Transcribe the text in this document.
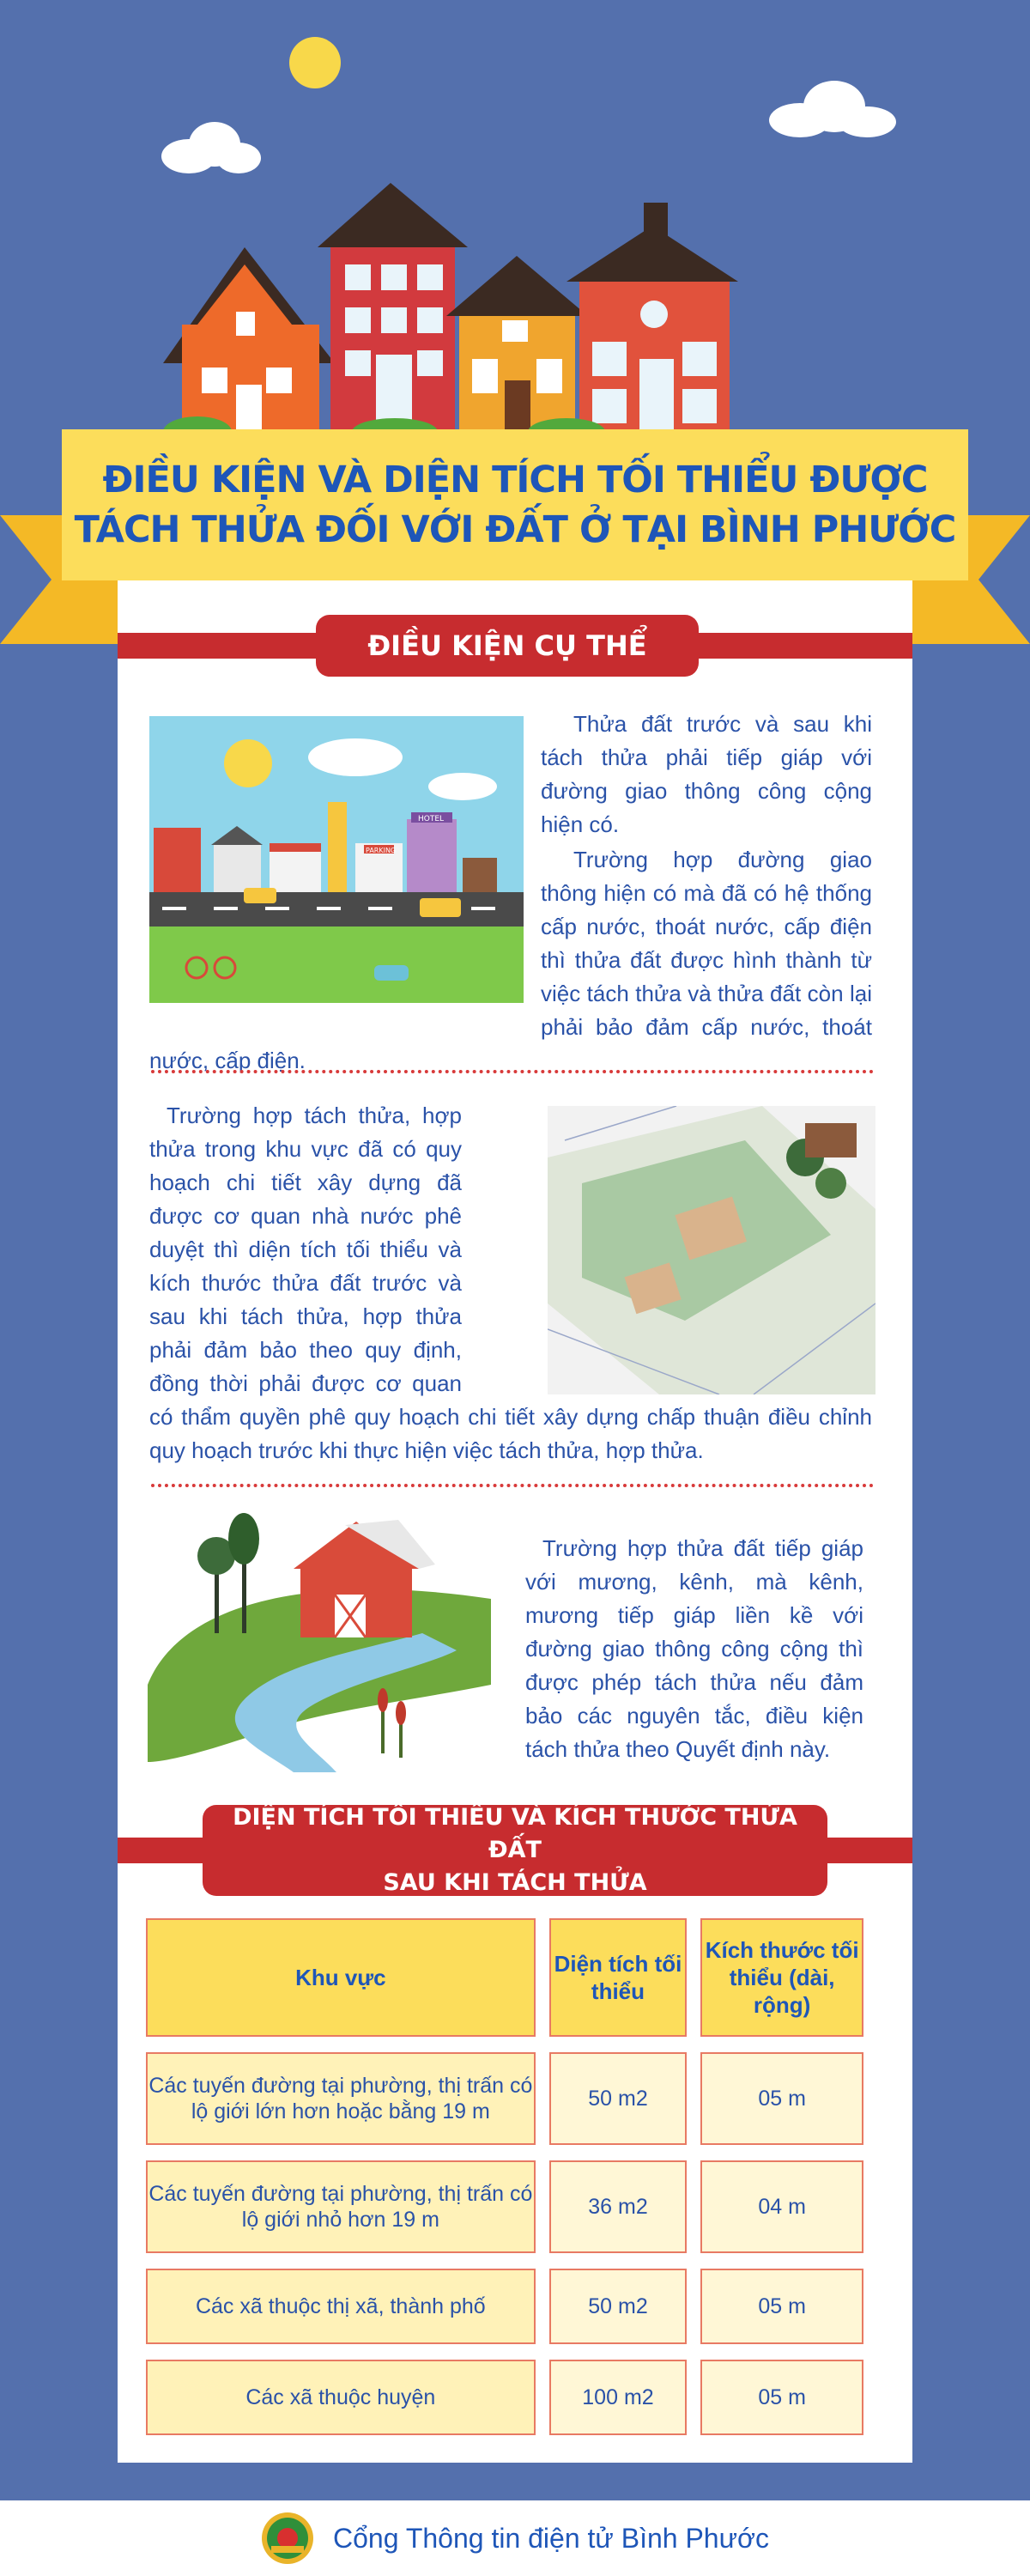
ĐIỀU KIỆN VÀ DIỆN TÍCH TỐI THIỂU ĐƯỢC
TÁCH THỬA ĐỐI VỚI ĐẤT Ở TẠI BÌNH PHƯỚC
ĐIỀU KIỆN CỤ THỂ
PARKING
HOTEL

Thửa đất trước và sau khi tách thửa phải tiếp giáp với đường giao thông công cộng hiện có.

Trường hợp đường giao thông hiện có mà đã có hệ thống cấp nước, thoát nước, cấp điện thì thửa đất được hình thành từ việc tách thửa và thửa đất còn lại phải bảo đảm cấp nước, thoát nước, cấp điện.

Trường hợp tách thửa, hợp thửa trong khu vực đã có quy hoạch chi tiết xây dựng đã được cơ quan nhà nước phê duyệt thì diện tích tối thiểu và kích thước thửa đất trước và sau khi tách thửa, hợp thửa phải đảm bảo theo quy định, đồng thời phải được cơ quan có thẩm quyền phê quy hoạch chi tiết xây dựng chấp thuận điều chỉnh quy hoạch trước khi thực hiện việc tách thửa, hợp thửa.

Trường hợp thửa đất tiếp giáp với mương, kênh, mà kênh, mương tiếp giáp liền kề với đường giao thông công cộng thì được phép tách thửa nếu đảm bảo các nguyên tắc, điều kiện tách thửa theo Quyết định này.

DIỆN TÍCH TỐI THIỂU VÀ KÍCH THƯỚC THỬA ĐẤT
SAU KHI TÁCH THỬA
Khu vực	Diện tích tối thiểu	Kích thước tối thiểu (dài, rộng)
Các tuyến đường tại phường, thị trấn có lộ giới lớn hơn hoặc bằng 19 m	50 m2	05 m
Các tuyến đường tại phường, thị trấn có lộ giới nhỏ hơn 19 m	36 m2	04 m
Các xã thuộc thị xã, thành phố	50 m2	05 m
Các xã thuộc huyện	100 m2	05 m
Cổng Thông tin điện tử Bình Phước
